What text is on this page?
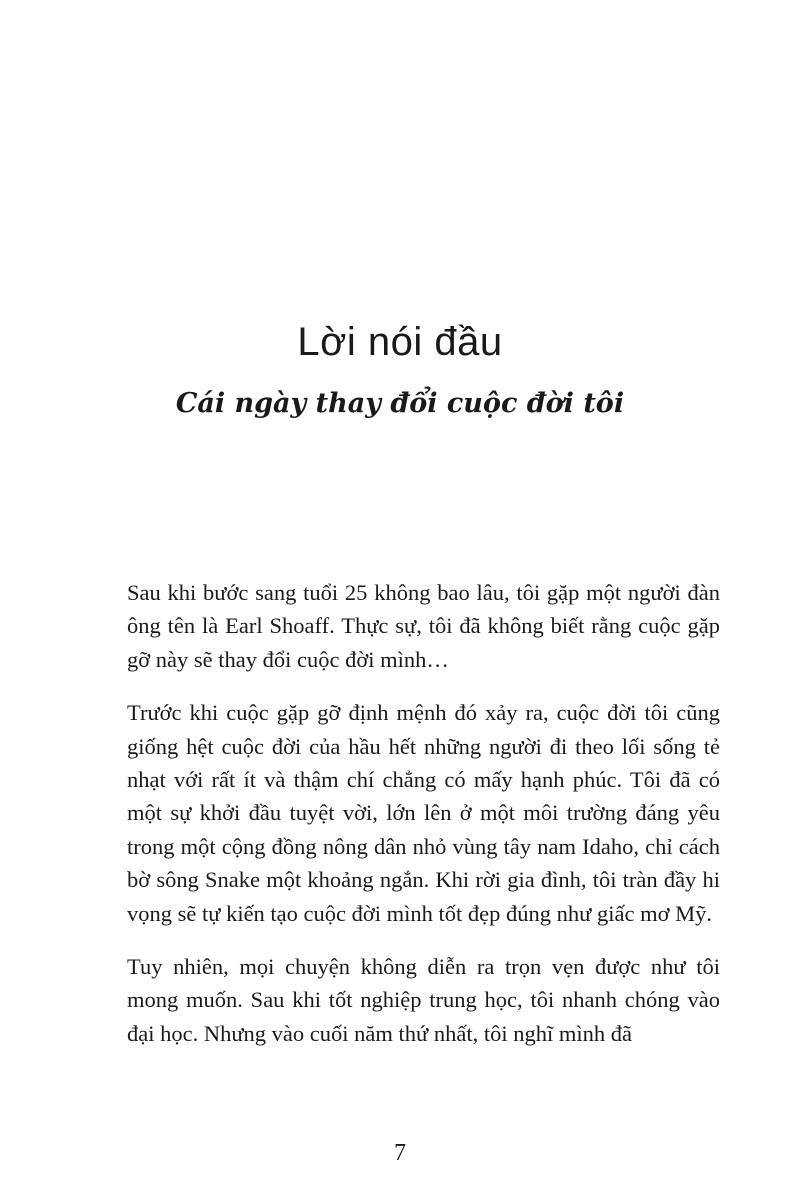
Lời nói đầu
Cái ngày thay đổi cuộc đời tôi

Sau khi bước sang tuổi 25 không bao lâu, tôi gặp một người đàn ông tên là Earl Shoaff. Thực sự, tôi đã không biết rằng cuộc gặp gỡ này sẽ thay đổi cuộc đời mình…

Trước khi cuộc gặp gỡ định mệnh đó xảy ra, cuộc đời tôi cũng giống hệt cuộc đời của hầu hết những người đi theo lối sống tẻ nhạt với rất ít và thậm chí chẳng có mấy hạnh phúc. Tôi đã có một sự khởi đầu tuyệt vời, lớn lên ở một môi trường đáng yêu trong một cộng đồng nông dân nhỏ vùng tây nam Idaho, chỉ cách bờ sông Snake một khoảng ngắn. Khi rời gia đình, tôi tràn đầy hi vọng sẽ tự kiến tạo cuộc đời mình tốt đẹp đúng như giấc mơ Mỹ.

Tuy nhiên, mọi chuyện không diễn ra trọn vẹn được như tôi mong muốn. Sau khi tốt nghiệp trung học, tôi nhanh chóng vào đại học. Nhưng vào cuối năm thứ nhất, tôi nghĩ mình đã

7
